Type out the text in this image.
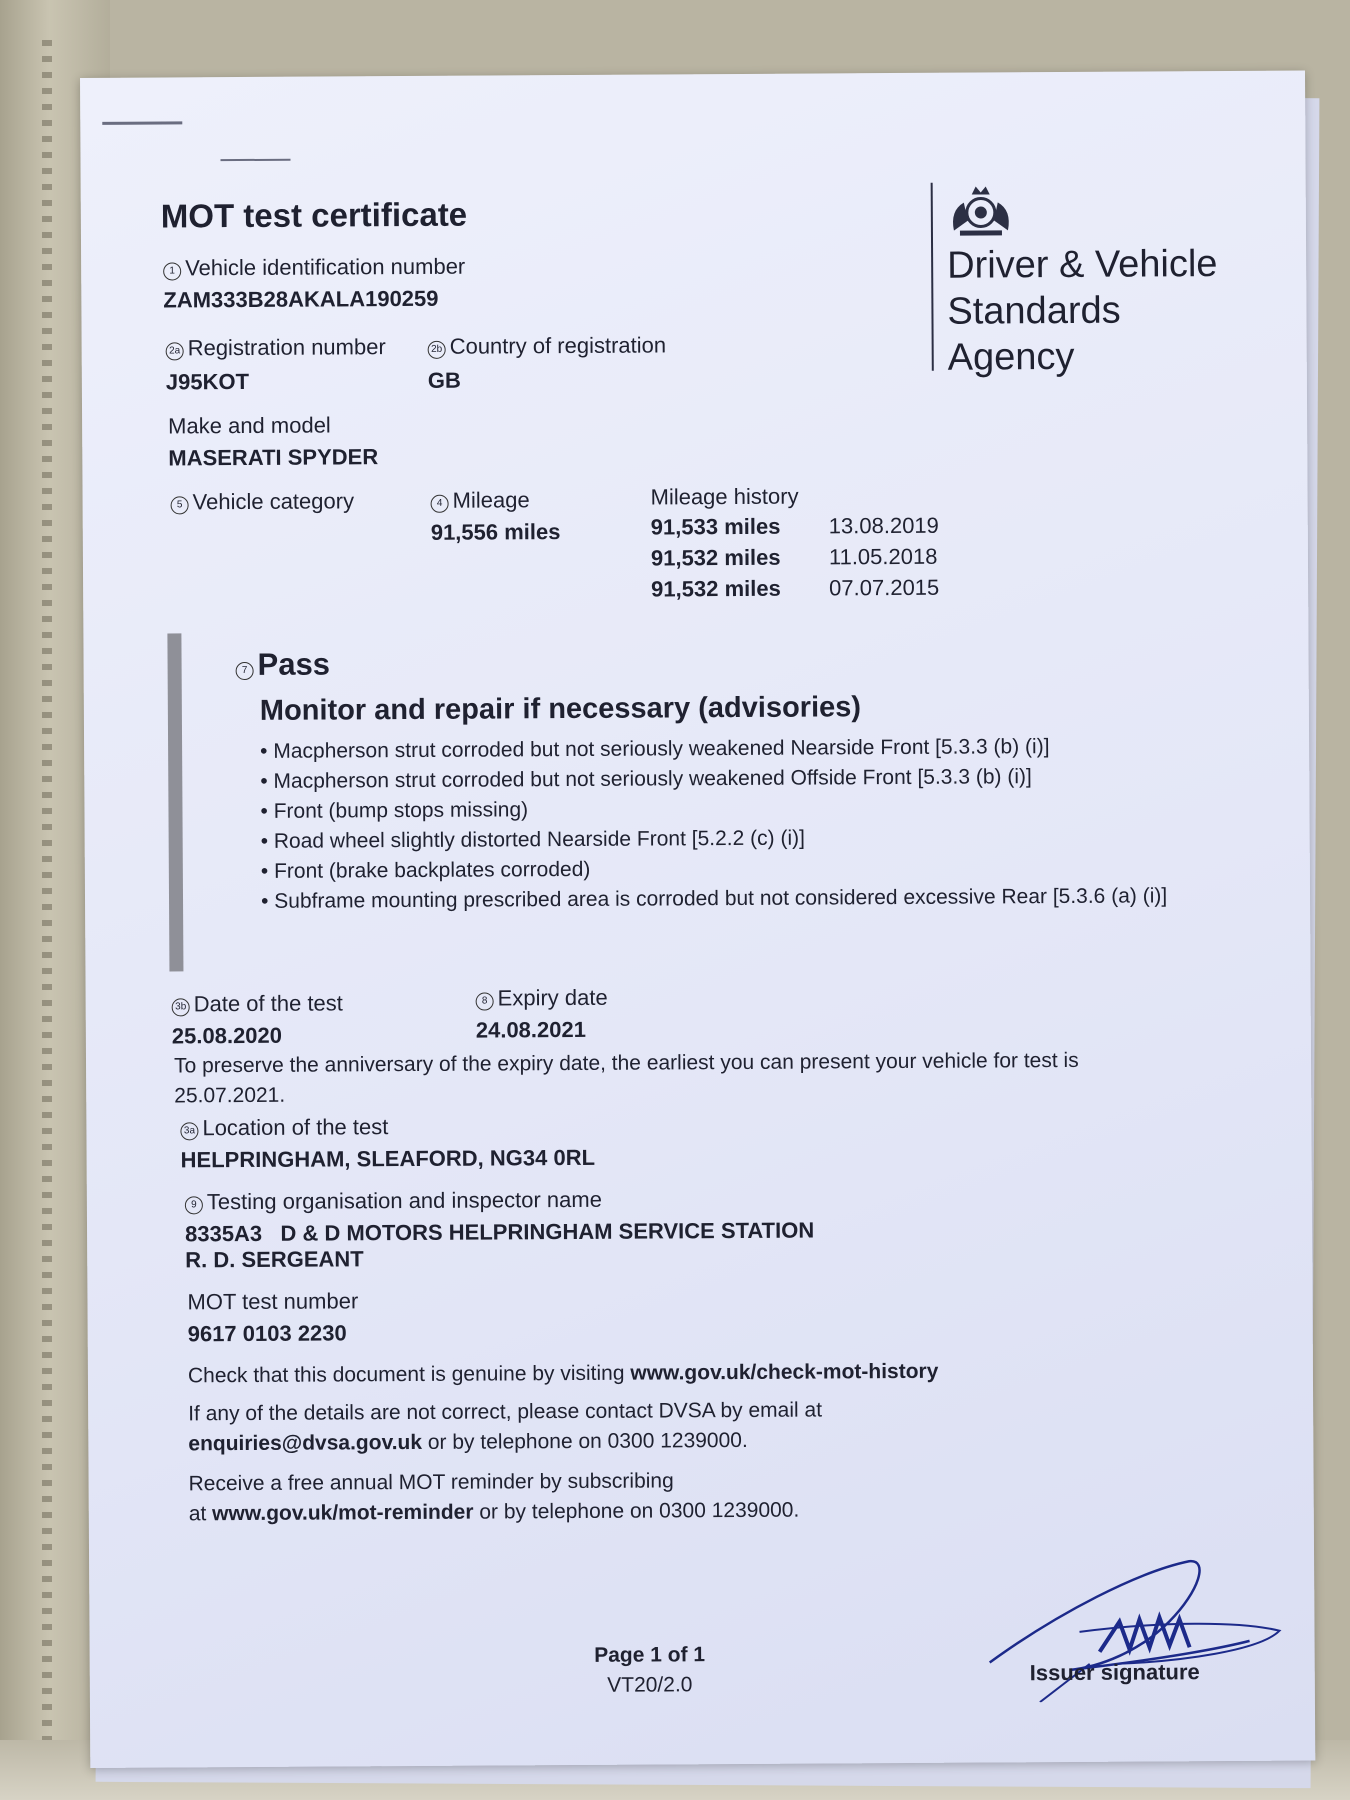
MOT test certificate
Driver & Vehicle
Standards
Agency
1 Vehicle identification number
ZAM333B28AKALA190259
2a Registration number
J95KOT
2b Country of registration
GB
Make and model
MASERATI SPYDER
5 Vehicle category	4 Mileage
91,556 miles
Mileage history
91,533 miles 13.08.2019
91,532 miles 11.05.2018
91,532 miles 07.07.2015
7 Pass
Monitor and repair if necessary (advisories)
• Macpherson strut corroded but not seriously weakened Nearside Front [5.3.3 (b) (i)]
• Macpherson strut corroded but not seriously weakened Offside Front [5.3.3 (b) (i)]
• Front (bump stops missing)
• Road wheel slightly distorted Nearside Front [5.2.2 (c) (i)]
• Front (brake backplates corroded)
• Subframe mounting prescribed area is corroded but not considered excessive Rear [5.3.6 (a) (i)]
3b Date of the test
25.08.2020
8 Expiry date
24.08.2021
To preserve the anniversary of the expiry date, the earliest you can present your vehicle for test is 25.07.2021.
3a Location of the test
HELPRINGHAM, SLEAFORD, NG34 0RL
9 Testing organisation and inspector name
8335A3   D & D MOTORS HELPRINGHAM SERVICE STATION
R. D. SERGEANT
MOT test number
9617 0103 2230
Check that this document is genuine by visiting www.gov.uk/check-mot-history
If any of the details are not correct, please contact DVSA by email at
enquiries@dvsa.gov.uk or by telephone on 0300 1239000.
Receive a free annual MOT reminder by subscribing
at www.gov.uk/mot-reminder or by telephone on 0300 1239000.
Page 1 of 1
VT20/2.0	Issuer signature
